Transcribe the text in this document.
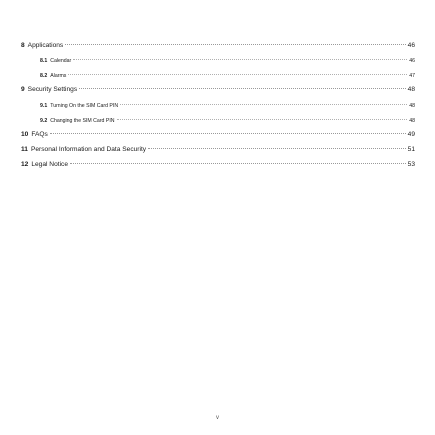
8 Applications	46
8.1 Calendar	46
8.2 Alarms	47
9 Security Settings	48
9.1 Turning On the SIM Card PIN	48
9.2 Changing the SIM Card PIN	48
10 FAQs	49
11 Personal Information and Data Security	51
12 Legal Notice	53
v
